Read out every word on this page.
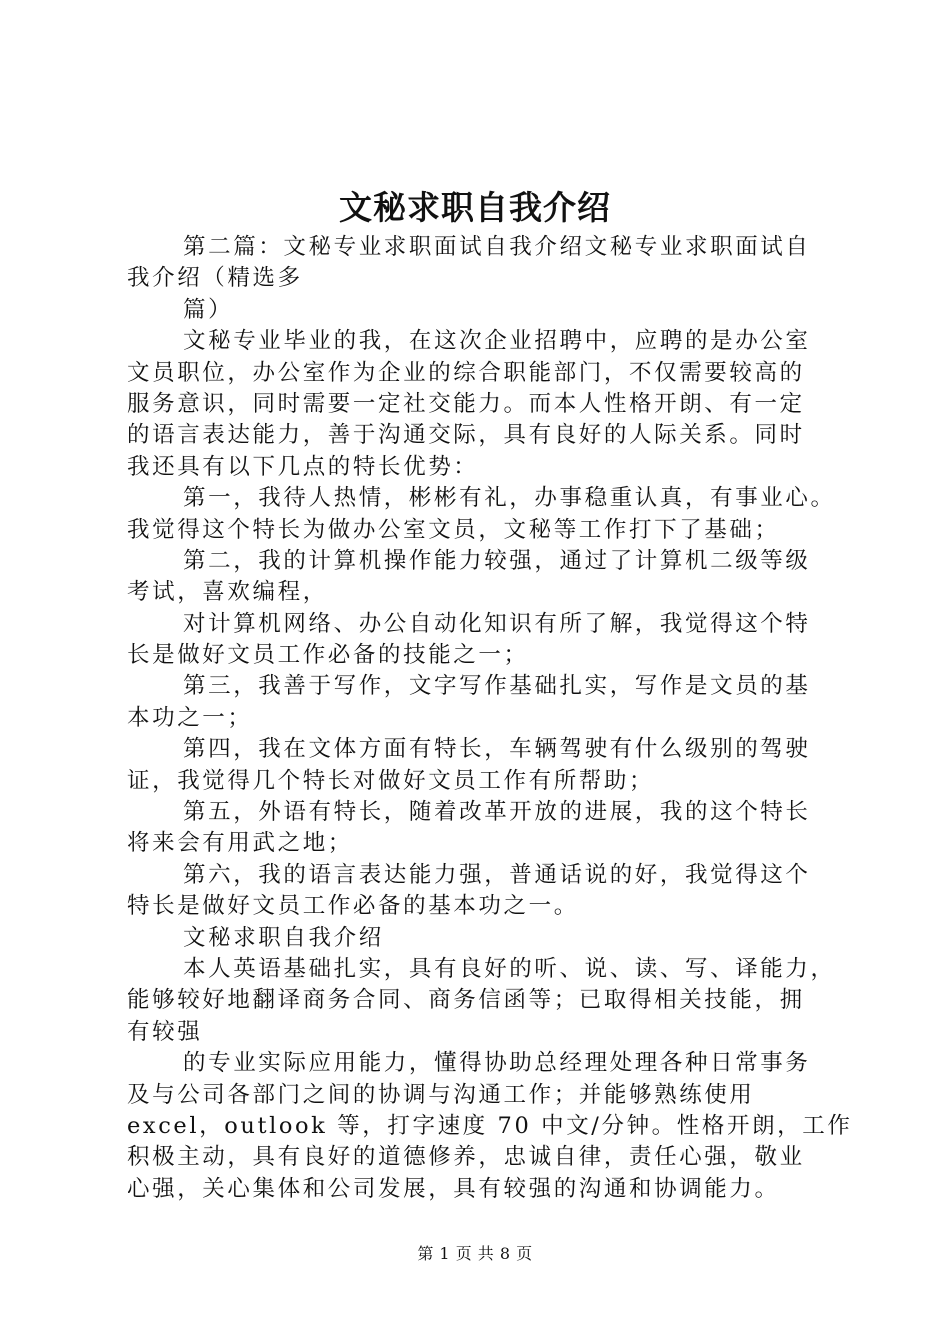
文秘求职自我介绍
第二篇：文秘专业求职面试自我介绍文秘专业求职面试自
我介绍（精选多
篇）
文秘专业毕业的我，在这次企业招聘中，应聘的是办公室
文员职位，办公室作为企业的综合职能部门，不仅需要较高的
服务意识，同时需要一定社交能力。而本人性格开朗、有一定
的语言表达能力，善于沟通交际，具有良好的人际关系。同时
我还具有以下几点的特长优势：
第一，我待人热情，彬彬有礼，办事稳重认真，有事业心。
我觉得这个特长为做办公室文员，文秘等工作打下了基础；
第二，我的计算机操作能力较强，通过了计算机二级等级
考试，喜欢编程，
对计算机网络、办公自动化知识有所了解，我觉得这个特
长是做好文员工作必备的技能之一；
第三，我善于写作，文字写作基础扎实，写作是文员的基
本功之一；
第四，我在文体方面有特长，车辆驾驶有什么级别的驾驶
证，我觉得几个特长对做好文员工作有所帮助；
第五，外语有特长，随着改革开放的进展，我的这个特长
将来会有用武之地；
第六，我的语言表达能力强，普通话说的好，我觉得这个
特长是做好文员工作必备的基本功之一。
文秘求职自我介绍
本人英语基础扎实，具有良好的听、说、读、写、译能力，
能够较好地翻译商务合同、商务信函等；已取得相关技能，拥
有较强
的专业实际应用能力，懂得协助总经理处理各种日常事务
及与公司各部门之间的协调与沟通工作；并能够熟练使用
excel，outlook 等，打字速度 70 中文/分钟。性格开朗，工作
积极主动，具有良好的道德修养，忠诚自律，责任心强，敬业
心强，关心集体和公司发展，具有较强的沟通和协调能力。
第 1 页 共 8 页
